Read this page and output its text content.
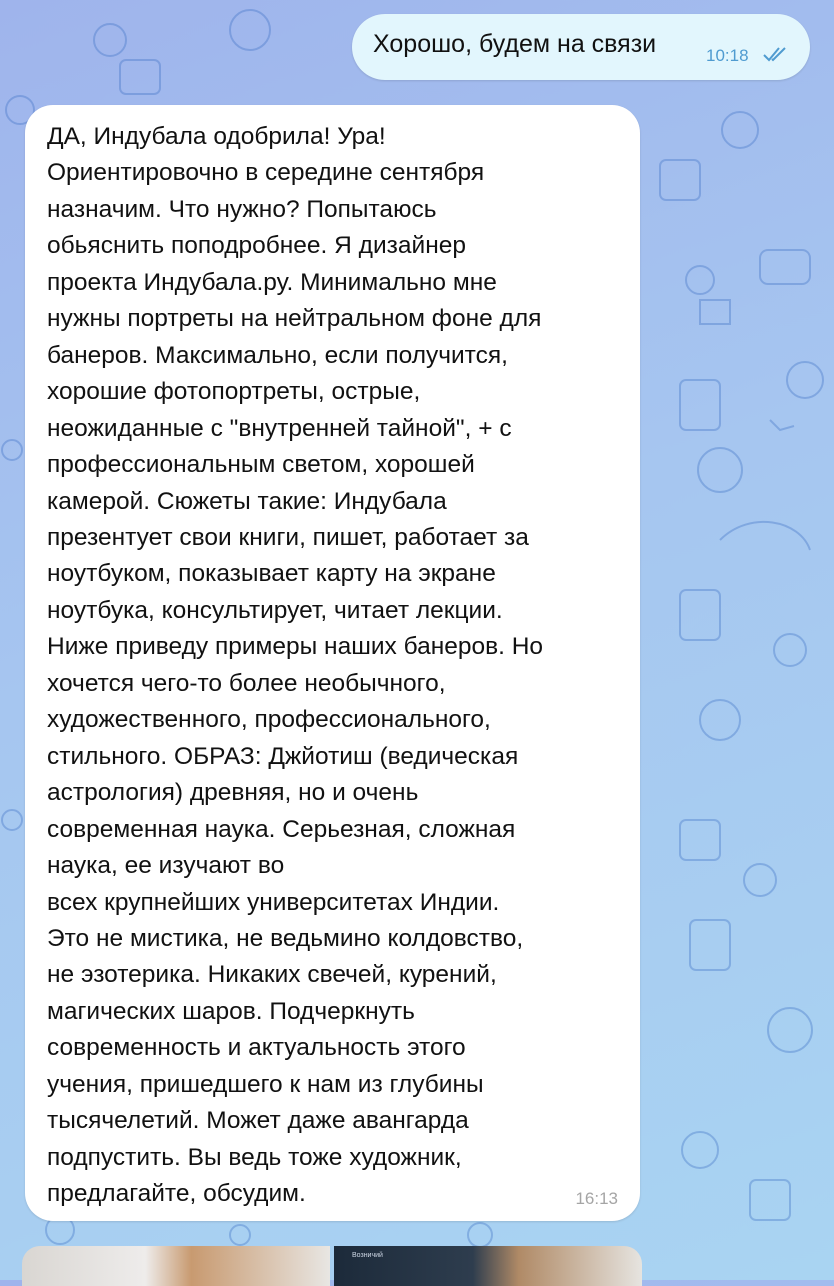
Хорошо, будем на связи	10:18
ДА, Индубала одобрила! Ура!
Ориентировочно в середине сентября
назначим. Что нужно? Попытаюсь
обьяснить поподробнее. Я дизайнер
проекта Индубала.ру. Минимально мне
нужны портреты на нейтральном фоне для
банеров. Максимально, если получится,
хорошие фотопортреты, острые,
неожиданные с "внутренней тайной", + с
профессиональным светом, хорошей
камерой. Сюжеты такие: Индубала
презентует свои книги, пишет, работает за
ноутбуком, показывает карту на экране
ноутбука, консультирует, читает лекции.
Ниже приведу примеры наших банеров. Но
хочется чего-то более необычного,
художественного, профессионального,
стильного. ОБРАЗ: Джйотиш (ведическая
астрология) древняя, но и очень
современная наука. Серьезная, сложная
наука, ее изучают во
всех крупнейших университетах Индии.
Это не мистика, не ведьмино колдовство,
не эзотерика. Никаких свечей, курений,
магических шаров. Подчеркнуть
современность и актуальность этого
учения, пришедшего к нам из глубины
тысячелетий. Может даже авангарда
подпустить. Вы ведь тоже художник,
предлагайте, обсудим.	16:13
Возничий
